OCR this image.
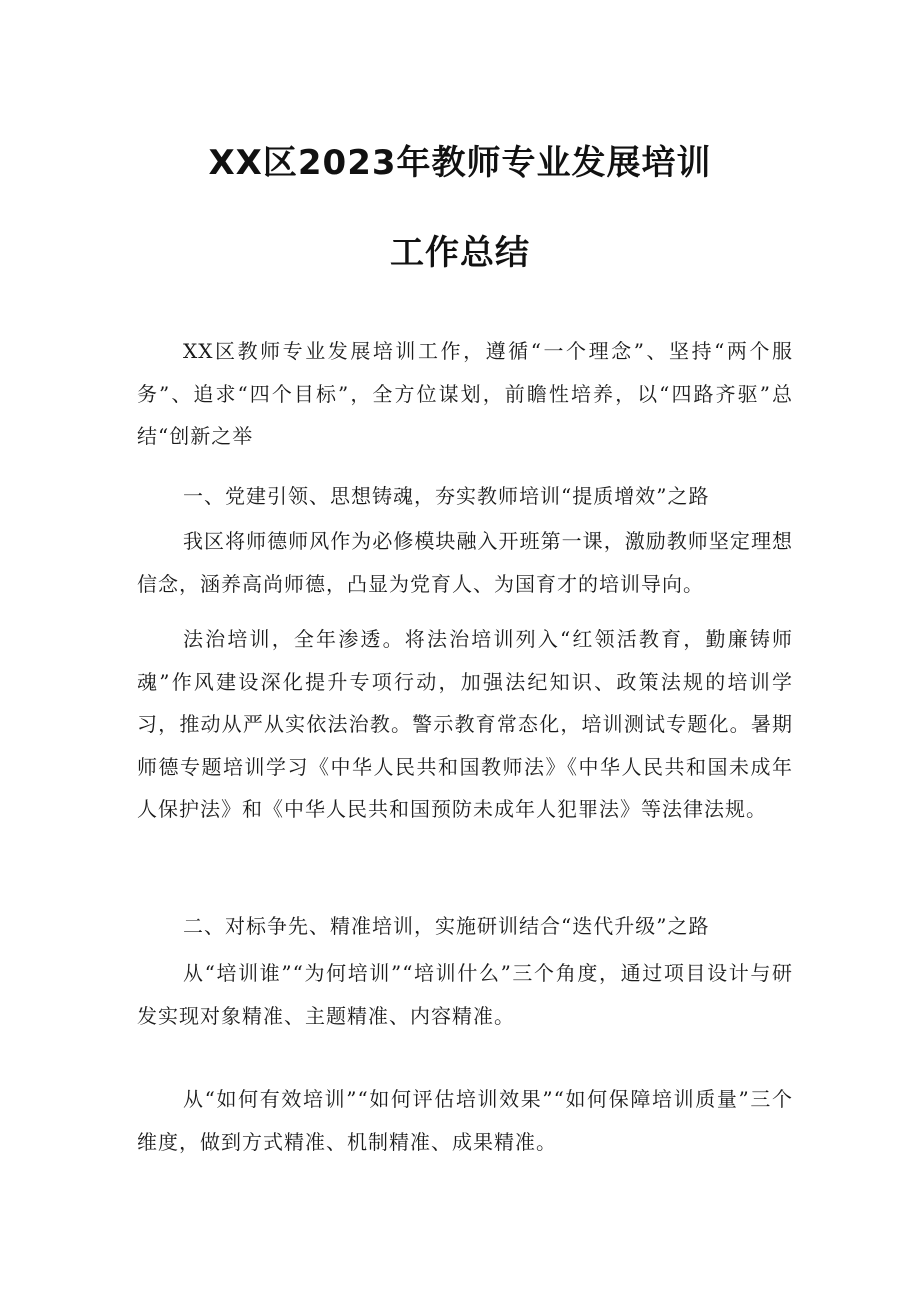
XX区2023年教师专业发展培训
工作总结

XX区教师专业发展培训工作，遵循“一个理念”、坚持“两个服务”、追求“四个目标”，全方位谋划，前瞻性培养，以“四路齐驱”总结“创新之举

一、党建引领、思想铸魂，夯实教师培训“提质增效”之路

我区将师德师风作为必修模块融入开班第一课，激励教师坚定理想信念，涵养高尚师德，凸显为党育人、为国育才的培训导向。

法治培训，全年渗透。将法治培训列入“红领活教育，勤廉铸师魂”作风建设深化提升专项行动，加强法纪知识、政策法规的培训学习，推动从严从实依法治教。警示教育常态化，培训测试专题化。暑期师德专题培训学习《中华人民共和国教师法》《中华人民共和国未成年人保护法》和《中华人民共和国预防未成年人犯罪法》等法律法规。

二、对标争先、精准培训，实施研训结合“迭代升级”之路

从“培训谁”“为何培训”“培训什么”三个角度，通过项目设计与研发实现对象精准、主题精准、内容精准。

从“如何有效培训”“如何评估培训效果”“如何保障培训质量”三个维度，做到方式精准、机制精准、成果精准。
